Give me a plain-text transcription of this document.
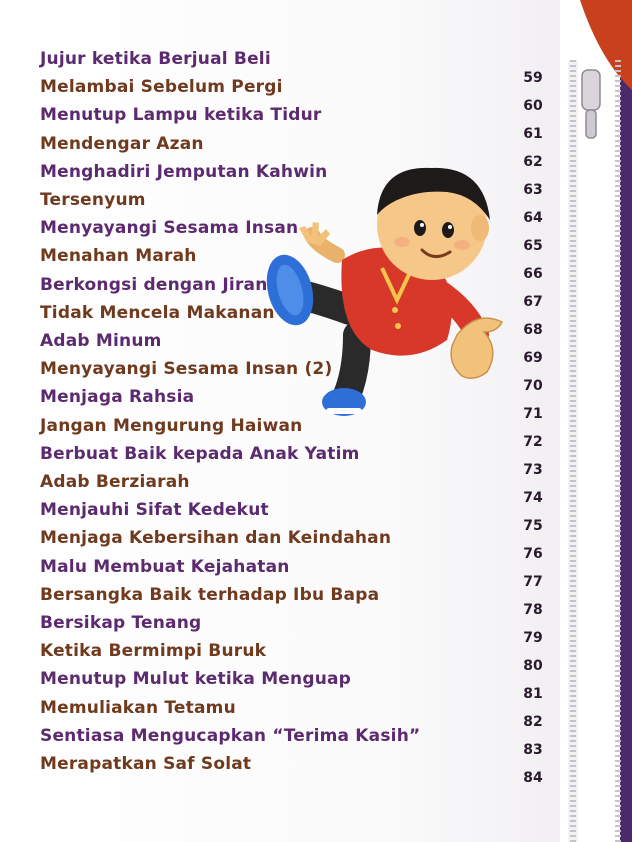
Jujur ketika Berjual Beli
59
Melambai Sebelum Pergi
60
Menutup Lampu ketika Tidur
61
Mendengar Azan
62
Menghadiri Jemputan Kahwin
63
Tersenyum
64
Menyayangi Sesama Insan
65
Menahan Marah
66
Berkongsi dengan Jiran
67
Tidak Mencela Makanan
68
Adab Minum
69
Menyayangi Sesama Insan (2)
70
Menjaga Rahsia
71
Jangan Mengurung Haiwan
72
Berbuat Baik kepada Anak Yatim
73
Adab Berziarah
74
Menjauhi Sifat Kedekut
75
Menjaga Kebersihan dan Keindahan
76
Malu Membuat Kejahatan
77
Bersangka Baik terhadap Ibu Bapa
78
Bersikap Tenang
79
Ketika Bermimpi Buruk
80
Menutup Mulut ketika Menguap
81
Memuliakan Tetamu
82
Sentiasa Mengucapkan “Terima Kasih”
83
Merapatkan Saf Solat
84
